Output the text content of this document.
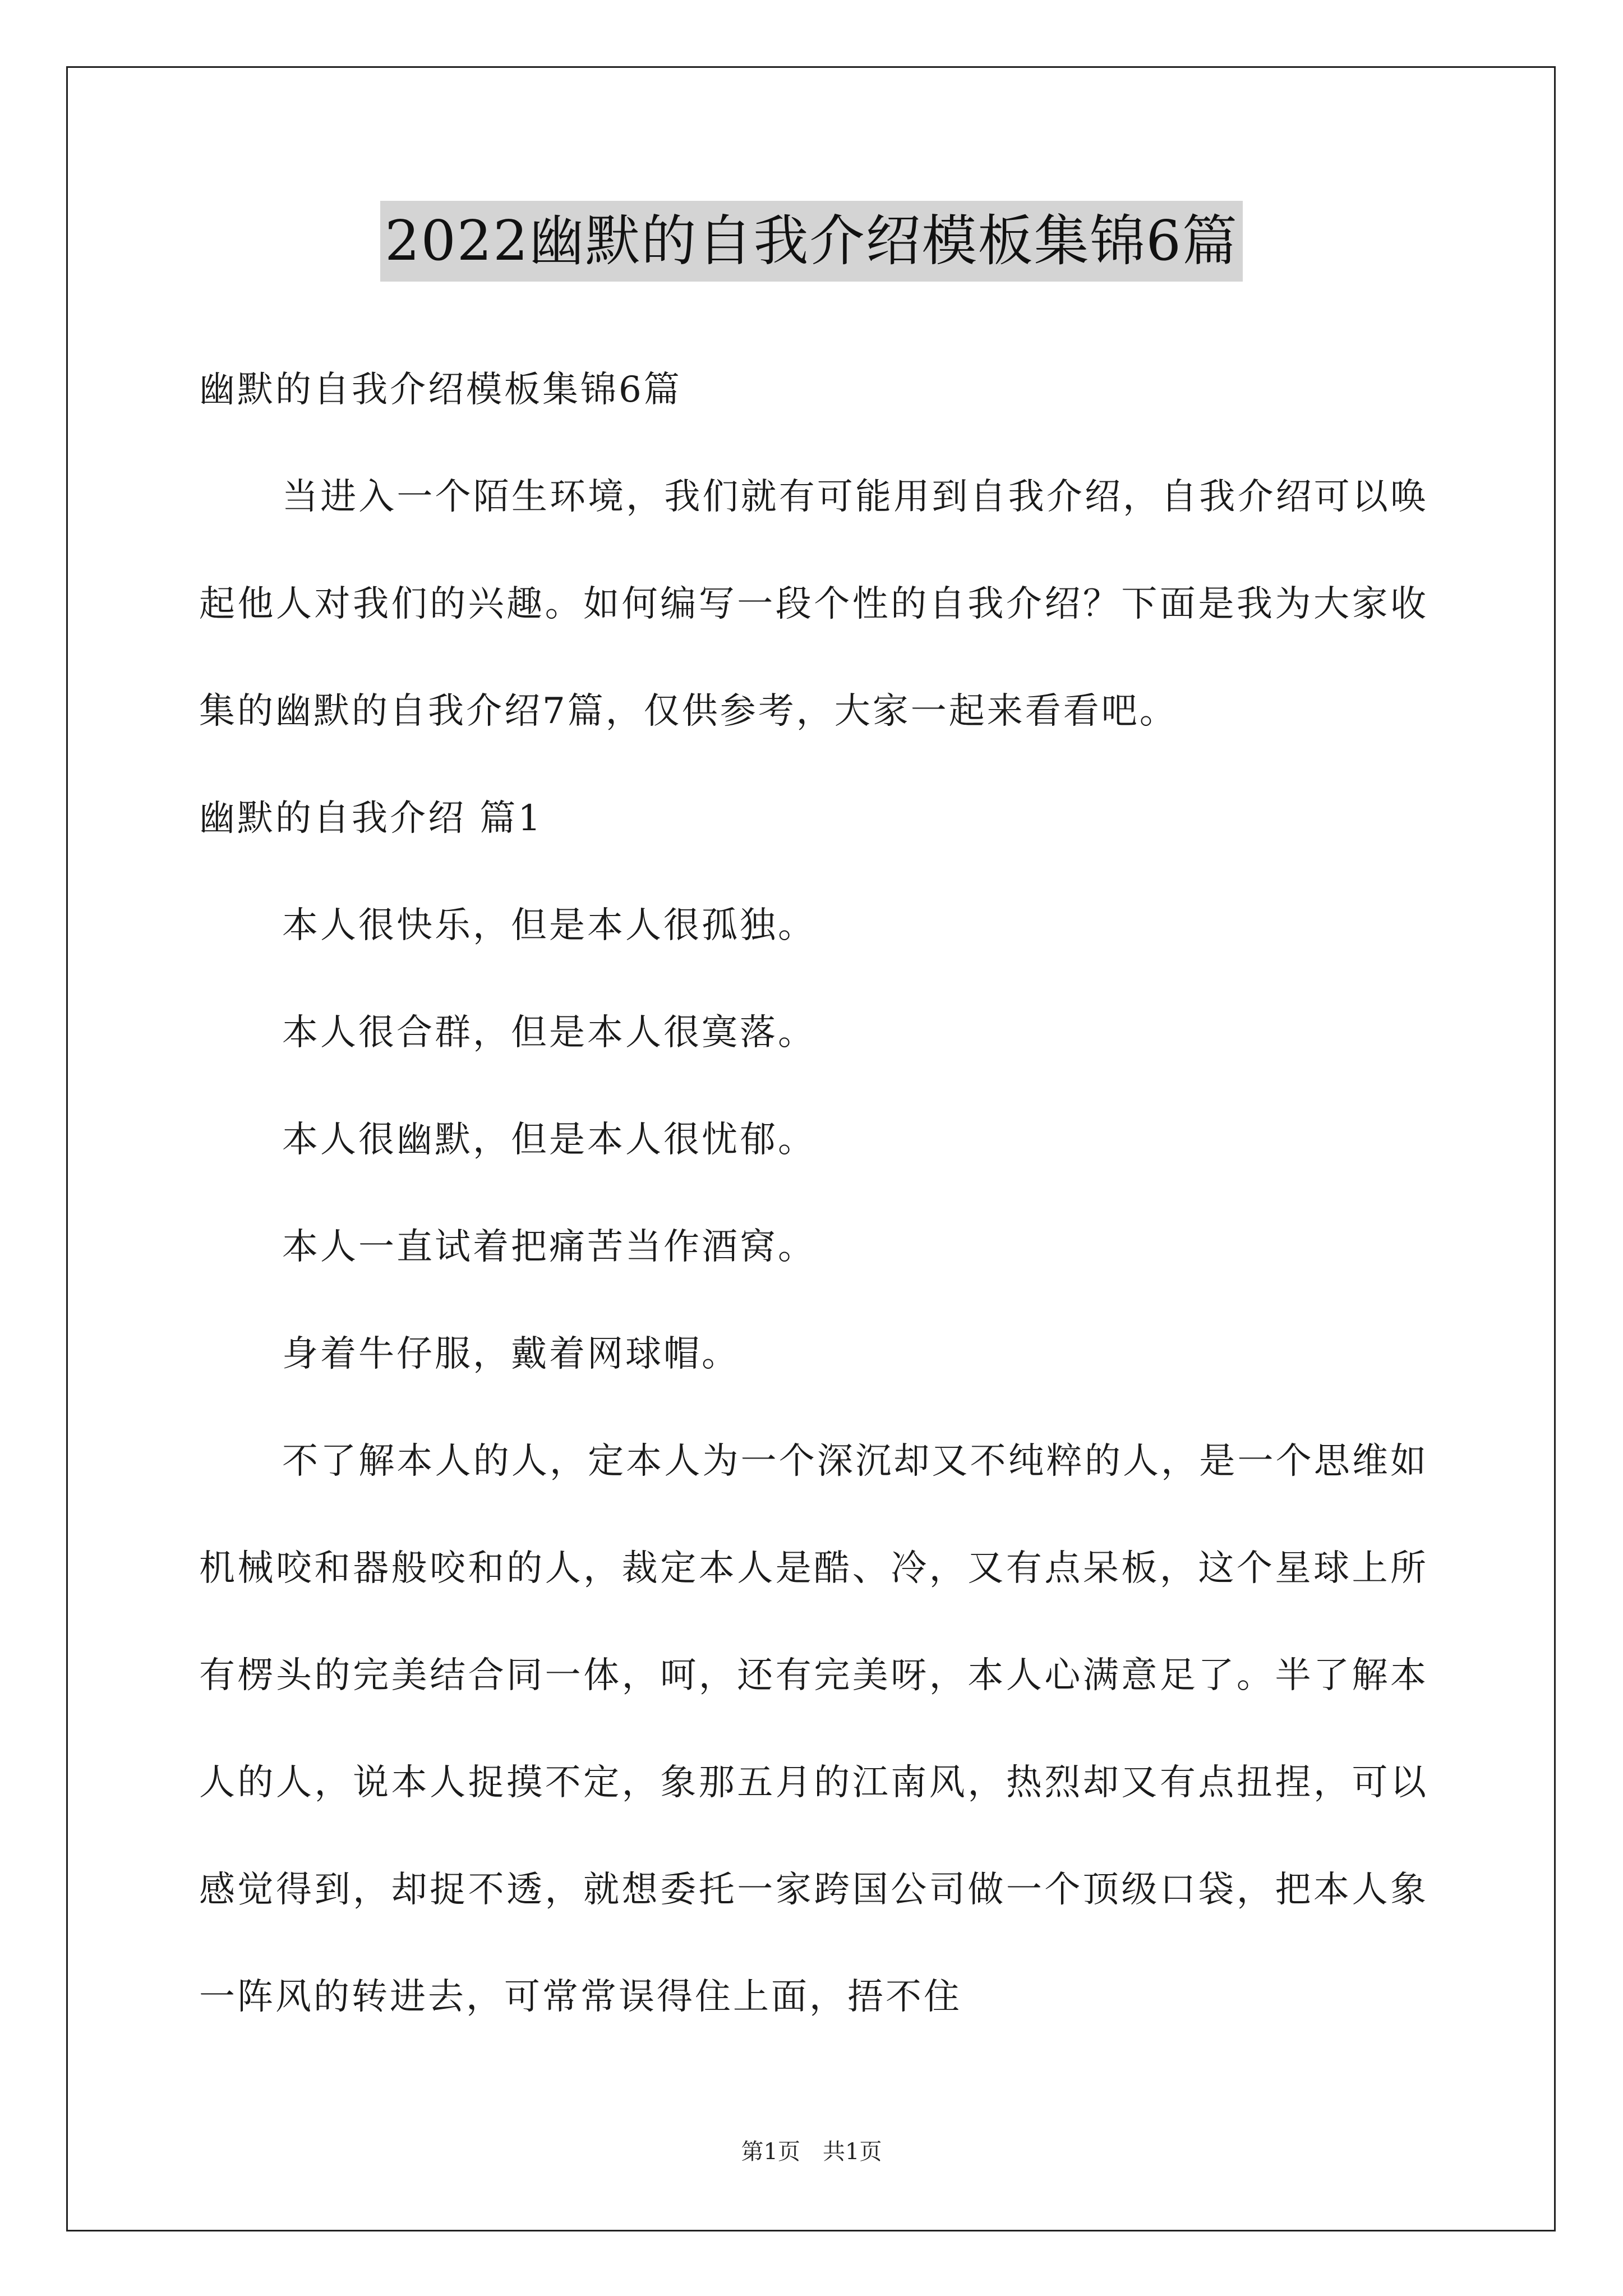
2022幽默的自我介绍模板集锦6篇

幽默的自我介绍模板集锦6篇

当进入一个陌生环境，我们就有可能用到自我介绍，自我介绍可以唤起他人对我们的兴趣。如何编写一段个性的自我介绍？下面是我为大家收集的幽默的自我介绍7篇，仅供参考，大家一起来看看吧。

幽默的自我介绍 篇1

本人很快乐，但是本人很孤独。

本人很合群，但是本人很寞落。

本人很幽默，但是本人很忧郁。

本人一直试着把痛苦当作酒窝。

身着牛仔服，戴着网球帽。

不了解本人的人，定本人为一个深沉却又不纯粹的人，是一个思维如机械咬和器般咬和的人，裁定本人是酷、冷，又有点呆板，这个星球上所有楞头的完美结合同一体，呵，还有完美呀，本人心满意足了。半了解本人的人，说本人捉摸不定，象那五月的江南风，热烈却又有点扭捏，可以感觉得到，却捉不透，就想委托一家跨国公司做一个顶级口袋，把本人象一阵风的转进去，可常常误得住上面，捂不住

第1页　共1页
